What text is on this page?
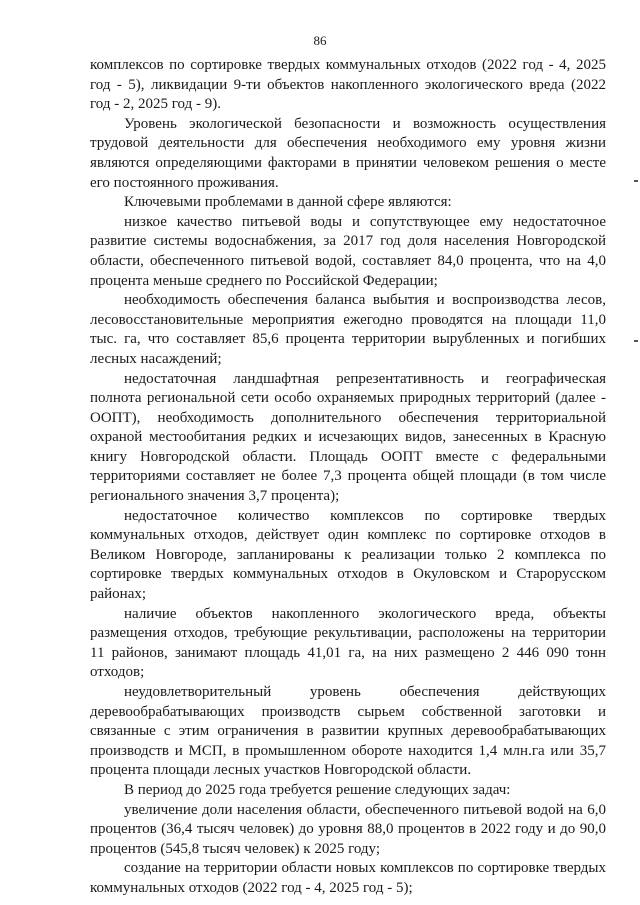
86

комплексов по сортировке твердых коммунальных отходов (2022 год - 4, 2025 год - 5), ликвидации 9-ти объектов накопленного экологического вреда (2022 год - 2, 2025 год - 9).

Уровень экологической безопасности и возможность осуществления трудовой деятельности для обеспечения необходимого ему уровня жизни являются определяющими факторами в принятии человеком решения о месте его постоянного проживания.

Ключевыми проблемами в данной сфере являются:

низкое качество питьевой воды и сопутствующее ему недостаточное развитие системы водоснабжения, за 2017 год доля населения Новгородской области, обеспеченного питьевой водой, составляет 84,0 процента, что на 4,0 процента меньше среднего по Российской Федерации;

необходимость обеспечения баланса выбытия и воспроизводства лесов, лесовосстановительные мероприятия ежегодно проводятся на площади 11,0 тыс. га, что составляет 85,6 процента территории вырубленных и погибших лесных насаждений;

недостаточная ландшафтная репрезентативность и географическая полнота региональной сети особо охраняемых природных территорий (далее - ООПТ), необходимость дополнительного обеспечения территориальной охраной местообитания редких и исчезающих видов, занесенных в Красную книгу Новгородской области. Площадь ООПТ вместе с федеральными территориями составляет не более 7,3 процента общей площади (в том числе регионального значения 3,7 процента);

недостаточное количество комплексов по сортировке твердых коммунальных отходов, действует один комплекс по сортировке отходов в Великом Новгороде, запланированы к реализации только 2 комплекса по сортировке твердых коммунальных отходов в Окуловском и Старорусском районах;

наличие объектов накопленного экологического вреда, объекты размещения отходов, требующие рекультивации, расположены на территории 11 районов, занимают площадь 41,01 га, на них размещено 2 446 090 тонн отходов;

неудовлетворительный уровень обеспечения действующих деревообрабатывающих производств сырьем собственной заготовки и связанные с этим ограничения в развитии крупных деревообрабатывающих производств и МСП, в промышленном обороте находится 1,4 млн.га или 35,7 процента площади лесных участков Новгородской области.

В период до 2025 года требуется решение следующих задач:

увеличение доли населения области, обеспеченного питьевой водой на 6,0 процентов (36,4 тысяч человек) до уровня 88,0 процентов в 2022 году и до 90,0 процентов (545,8 тысяч человек) к 2025 году;

создание на территории области новых комплексов по сортировке твердых коммунальных отходов (2022 год - 4, 2025 год - 5);
